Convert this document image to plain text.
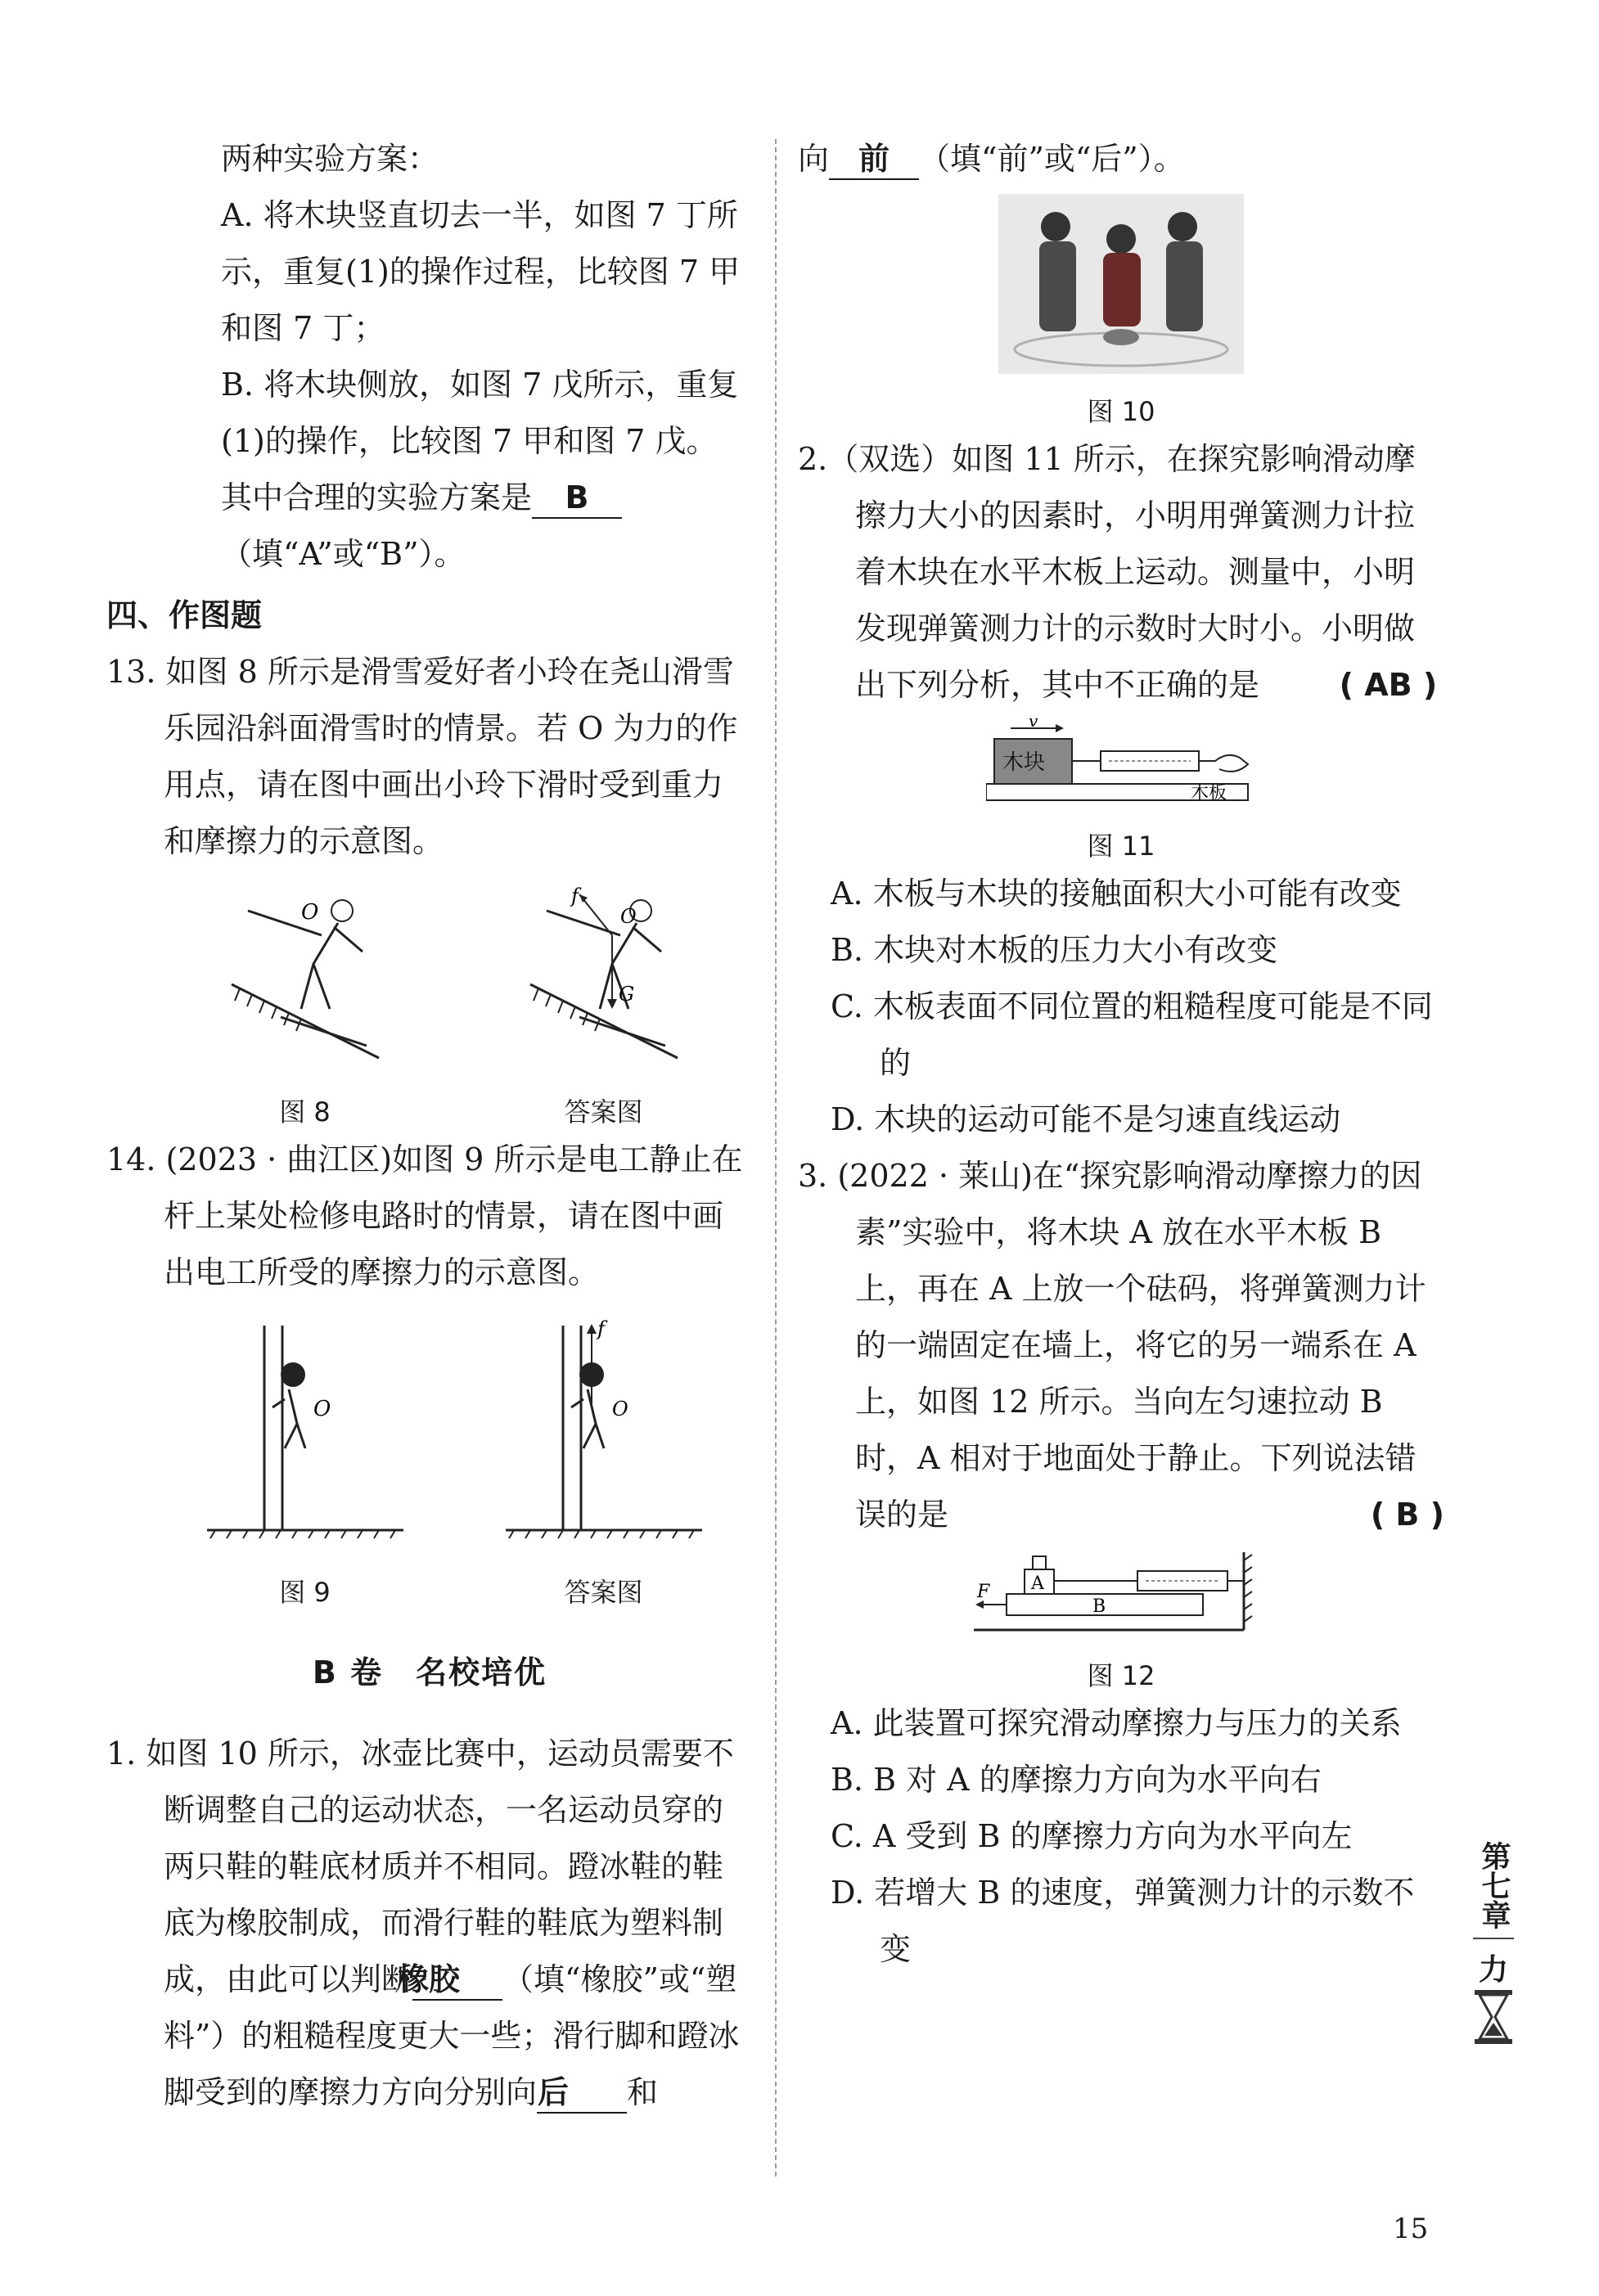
两种实验方案：

A. 将木块竖直切去一半，如图 7 丁所示，重复(1)的操作过程，比较图 7 甲和图 7 丁；

B. 将木块侧放，如图 7 戊所示，重复(1)的操作，比较图 7 甲和图 7 戊。

其中合理的实验方案是 B（填“A”或“B”）。

四、作图题

13. 如图 8 所示是滑雪爱好者小玲在尧山滑雪乐园沿斜面滑雪时的情景。若 O 为力的作用点，请在图中画出小玲下滑时受到重力和摩擦力的示意图。

O
图 8
f
G
O
答案图

14. (2023 · 曲江区)如图 9 所示是电工静止在杆上某处检修电路时的情景，请在图中画出电工所受的摩擦力的示意图。

O
图 9
f
O
答案图

B 卷　名校培优

1. 如图 10 所示，冰壶比赛中，运动员需要不断调整自己的运动状态，一名运动员穿的两只鞋的鞋底材质并不相同。蹬冰鞋的鞋底为橡胶制成，而滑行鞋的鞋底为塑料制成，由此可以判断橡胶 （填“橡胶”或“塑料”）的粗糙程度更大一些；滑行脚和蹬冰脚受到的摩擦力方向分别向后 和

向 前 （填“前”或“后”）。

图 10

2.（双选）如图 11 所示，在探究影响滑动摩擦力大小的因素时，小明用弹簧测力计拉着木块在水平木板上运动。测量中，小明发现弹簧测力计的示数时大时小。小明做出下列分析，其中不正确的是	( AB )

v
木块
木板
图 11

A. 木板与木块的接触面积大小可能有改变

B. 木块对木板的压力大小有改变

C. 木板表面不同位置的粗糙程度可能是不同的

D. 木块的运动可能不是匀速直线运动

3. (2022 · 莱山)在“探究影响滑动摩擦力的因素”实验中，将木块 A 放在水平木板 B 上，再在 A 上放一个砝码，将弹簧测力计的一端固定在墙上，将它的另一端系在 A 上，如图 12 所示。当向左匀速拉动 B 时，A 相对于地面处于静止。下列说法错误的是	( B )

A
B
F
图 12

A. 此装置可探究滑动摩擦力与压力的关系

B. B 对 A 的摩擦力方向为水平向右

C. A 受到 B 的摩擦力方向为水平向左

D. 若增大 B 的速度，弹簧测力计的示数不变

第七章
力
15
